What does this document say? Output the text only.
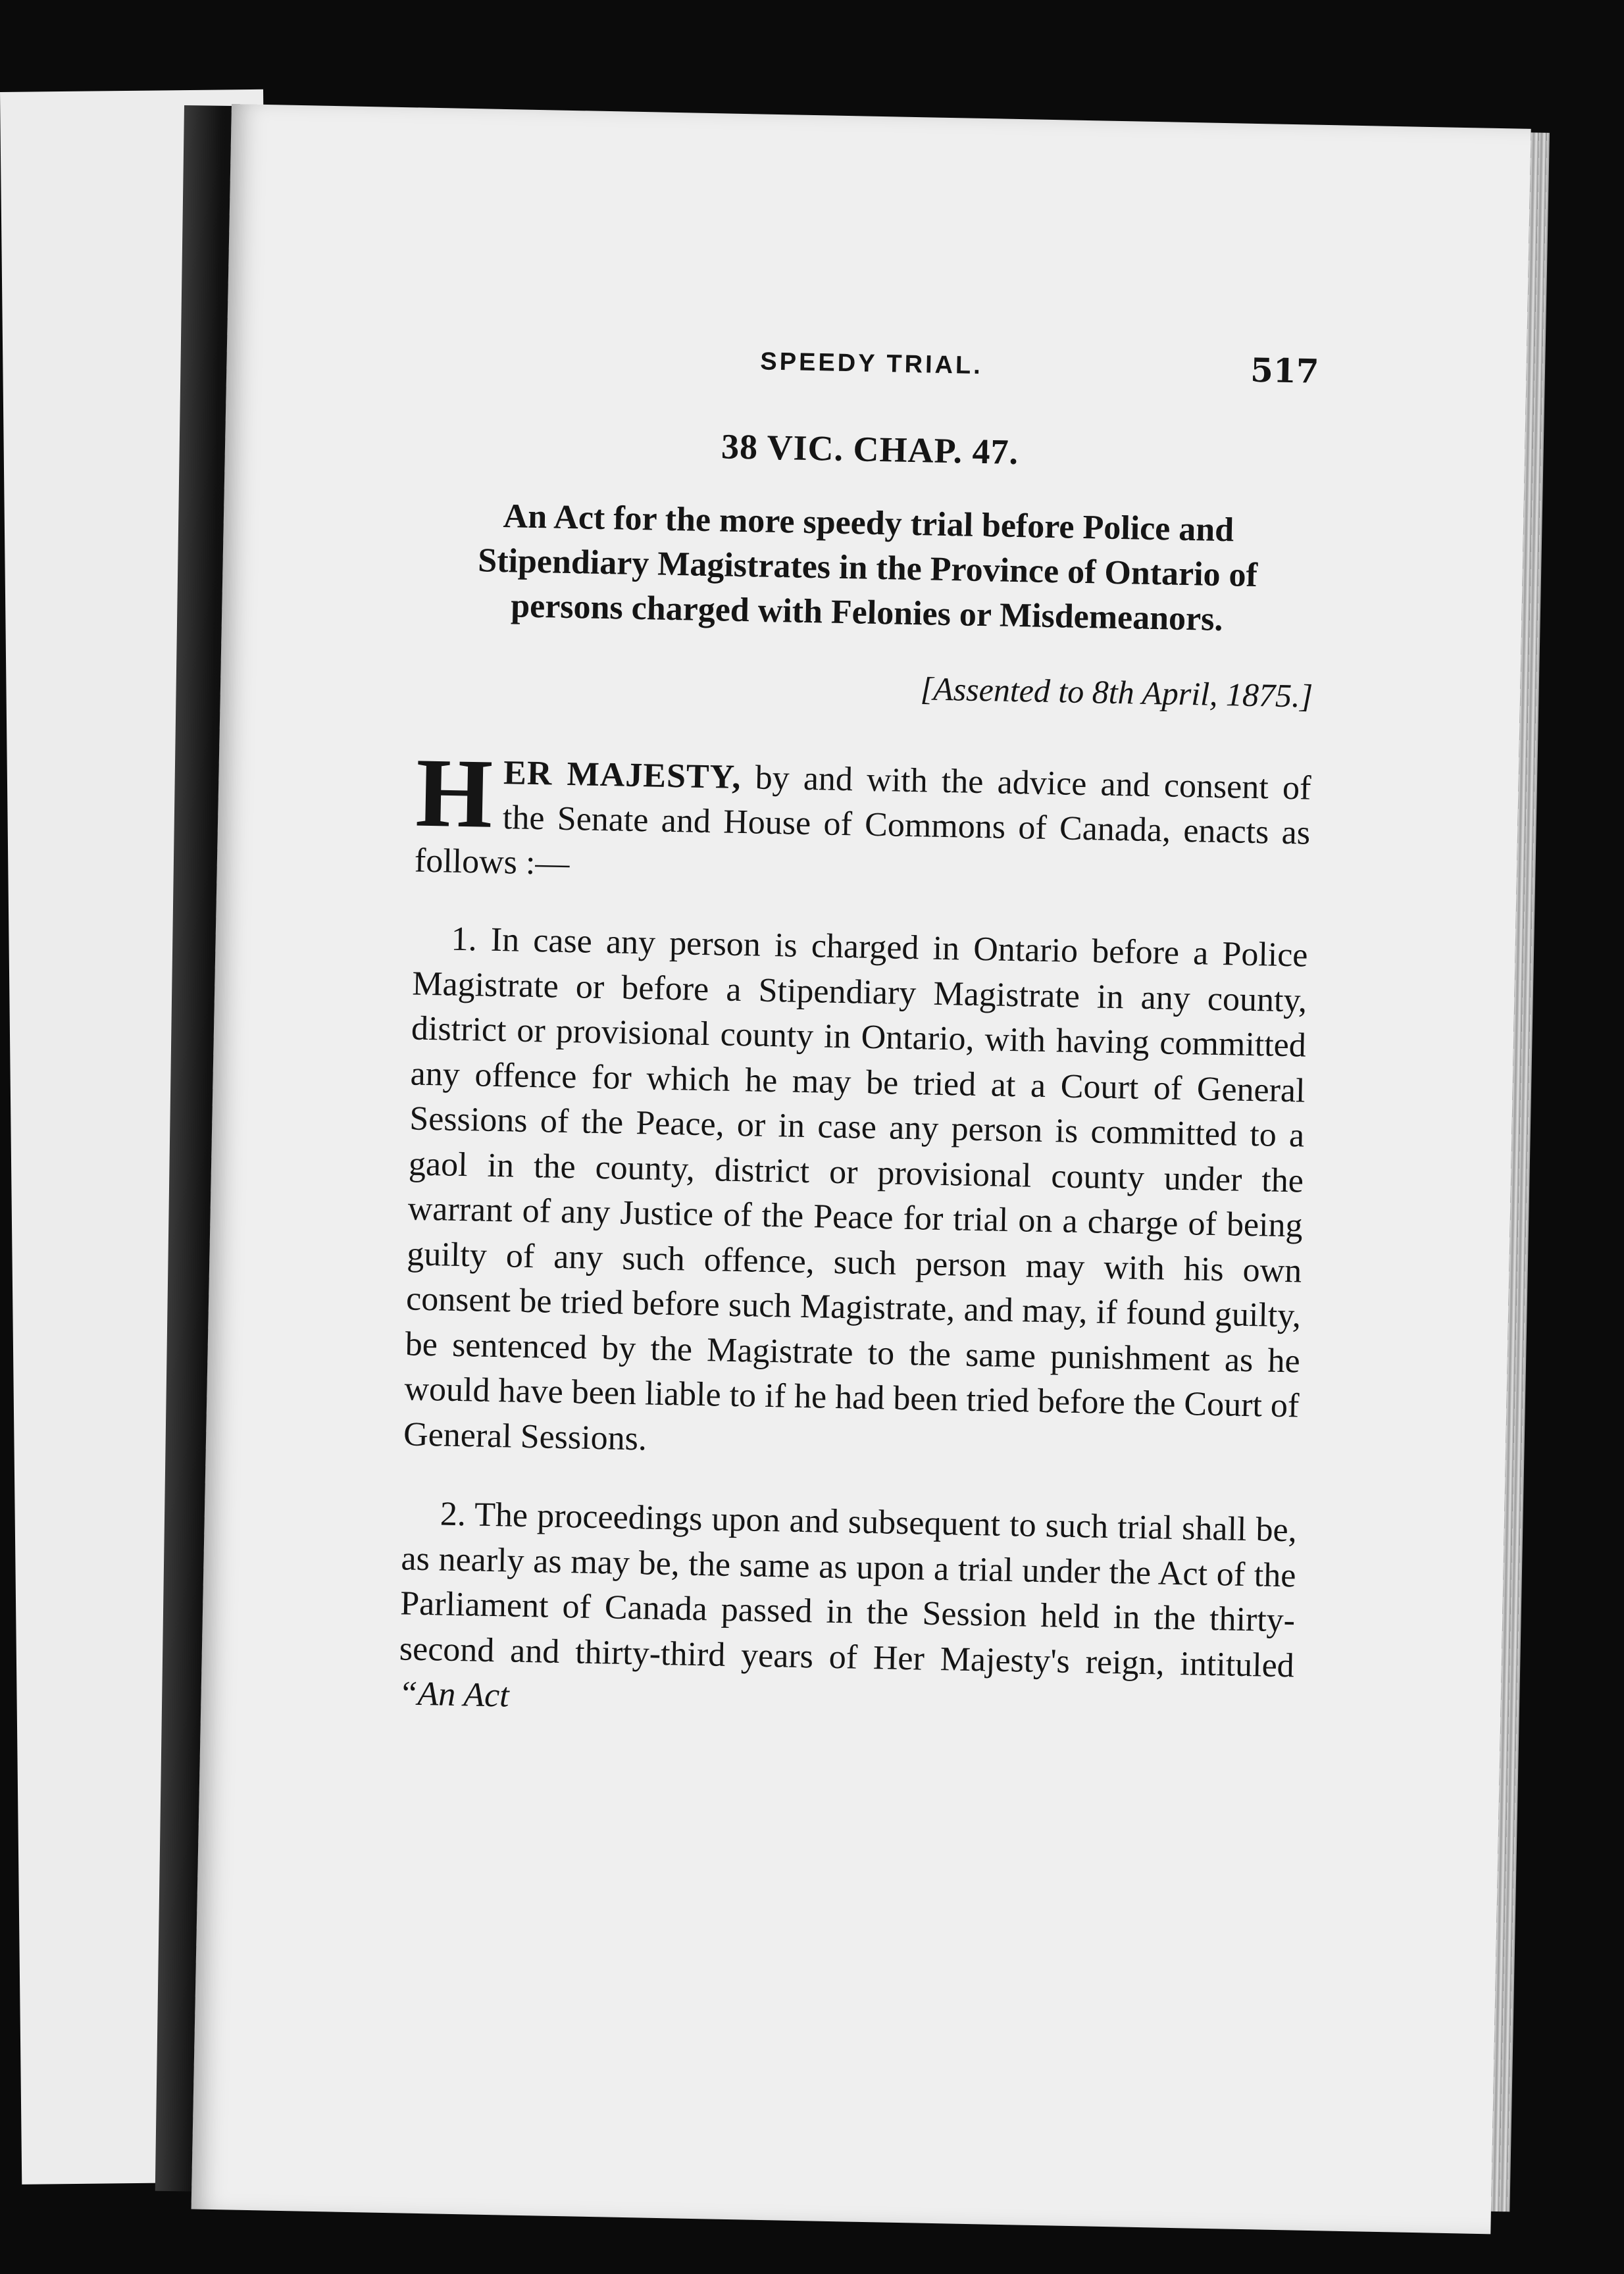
SPEEDY TRIAL.	517
38 VIC. CHAP. 47.
An Act for the more speedy trial before Police and Stipendiary Magistrates in the Province of Ontario of persons charged with Felonies or Misdemeanors.
[Assented to 8th April, 1875.]
HER MAJESTY, by and with the advice and consent of the Senate and House of Commons of Canada, enacts as follows :—

1. In case any person is charged in Ontario before a Police Magistrate or before a Stipendiary Magistrate in any county, district or provisional county in Ontario, with having committed any offence for which he may be tried at a Court of General Sessions of the Peace, or in case any person is committed to a gaol in the county, district or provisional county under the warrant of any Justice of the Peace for trial on a charge of being guilty of any such offence, such person may with his own consent be tried before such Magistrate, and may, if found guilty, be sentenced by the Magistrate to the same punishment as he would have been liable to if he had been tried before the Court of General Sessions.

2. The proceedings upon and subsequent to such trial shall be, as nearly as may be, the same as upon a trial under the Act of the Parliament of Canada passed in the Session held in the thirty-second and thirty-third years of Her Majesty's reign, intituled “An Act
